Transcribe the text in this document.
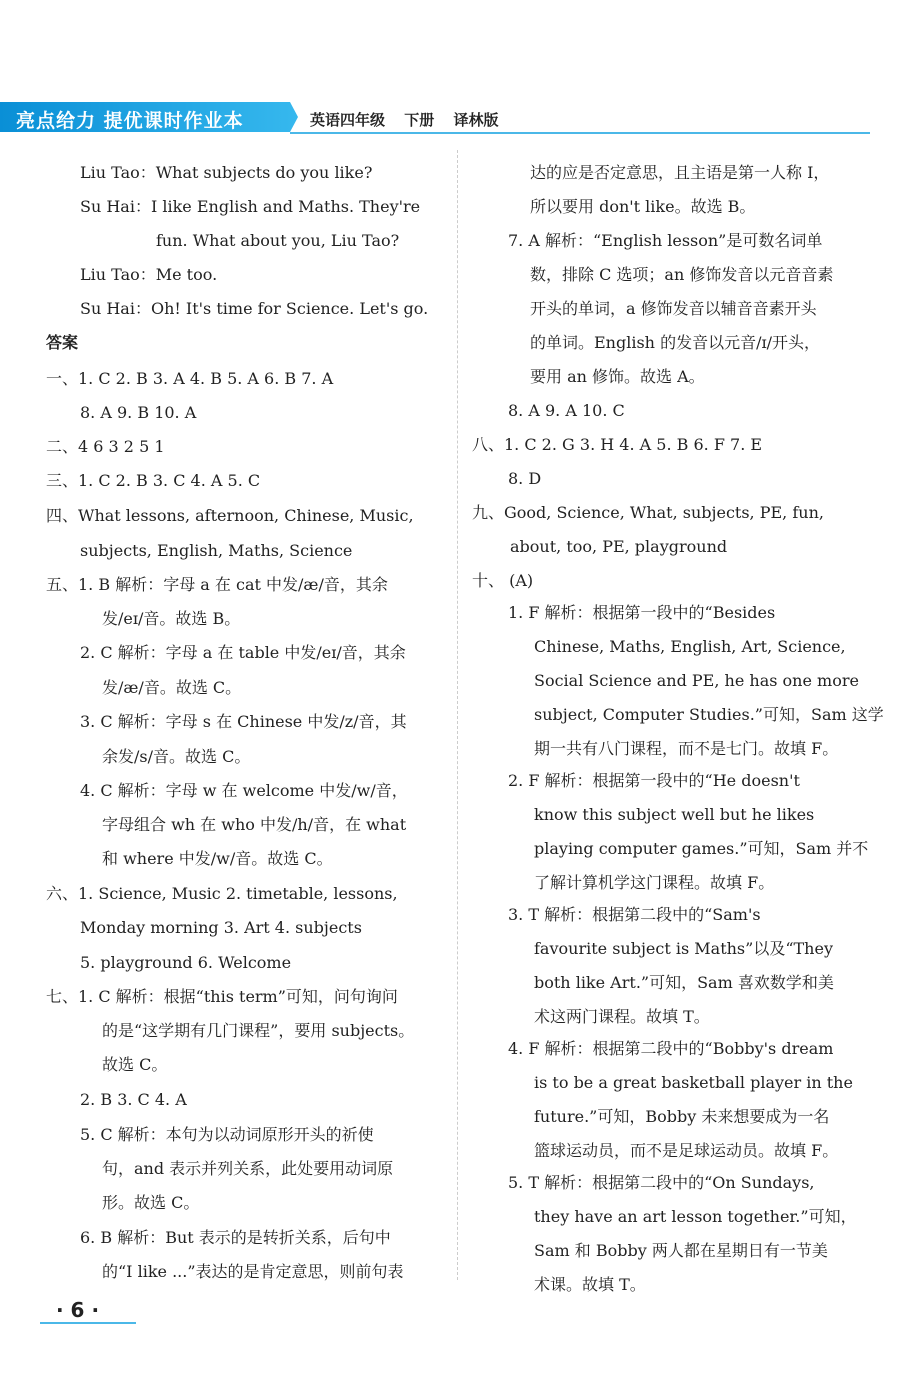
亮点给力 提优课时作业本	英语四年级 下册 译林版
Liu Tao：What subjects do you like?
Su Hai：I like English and Maths. They're
fun. What about you, Liu Tao?
Liu Tao：Me too.
Su Hai：Oh! It's time for Science. Let's go.
答案
一、1. C 2. B 3. A 4. B 5. A 6. B 7. A
8. A 9. B 10. A
二、4 6 3 2 5 1
三、1. C 2. B 3. C 4. A 5. C
四、What lessons, afternoon, Chinese, Music,
subjects, English, Maths, Science
五、1. B 解析：字母 a 在 cat 中发/æ/音，其余
发/eɪ/音。故选 B。
2. C 解析：字母 a 在 table 中发/eɪ/音，其余
发/æ/音。故选 C。
3. C 解析：字母 s 在 Chinese 中发/z/音，其
余发/s/音。故选 C。
4. C 解析：字母 w 在 welcome 中发/w/音，
字母组合 wh 在 who 中发/h/音，在 what
和 where 中发/w/音。故选 C。
六、1. Science, Music 2. timetable, lessons,
Monday morning 3. Art 4. subjects
5. playground 6. Welcome
七、1. C 解析：根据“this term”可知，问句询问
的是“这学期有几门课程”，要用 subjects。
故选 C。
2. B 3. C 4. A
5. C 解析：本句为以动词原形开头的祈使
句，and 表示并列关系，此处要用动词原
形。故选 C。
6. B 解析：But 表示的是转折关系，后句中
的“I like ...”表达的是肯定意思，则前句表
达的应是否定意思，且主语是第一人称 I，
所以要用 don't like。故选 B。
7. A 解析：“English lesson”是可数名词单
数，排除 C 选项；an 修饰发音以元音音素
开头的单词，a 修饰发音以辅音音素开头
的单词。English 的发音以元音/ɪ/开头，
要用 an 修饰。故选 A。
8. A 9. A 10. C
八、1. C 2. G 3. H 4. A 5. B 6. F 7. E
8. D
九、Good, Science, What, subjects, PE, fun,
about, too, PE, playground
十、 (A)
1. F 解析：根据第一段中的“Besides
Chinese, Maths, English, Art, Science,
Social Science and PE, he has one more
subject, Computer Studies.”可知，Sam 这学
期一共有八门课程，而不是七门。故填 F。
2. F 解析：根据第一段中的“He doesn't
know this subject well but he likes
playing computer games.”可知，Sam 并不
了解计算机学这门课程。故填 F。
3. T 解析：根据第二段中的“Sam's
favourite subject is Maths”以及“They
both like Art.”可知，Sam 喜欢数学和美
术这两门课程。故填 T。
4. F 解析：根据第二段中的“Bobby's dream
is to be a great basketball player in the
future.”可知，Bobby 未来想要成为一名
篮球运动员，而不是足球运动员。故填 F。
5. T 解析：根据第二段中的“On Sundays,
they have an art lesson together.”可知，
Sam 和 Bobby 两人都在星期日有一节美
术课。故填 T。
· 6 ·
